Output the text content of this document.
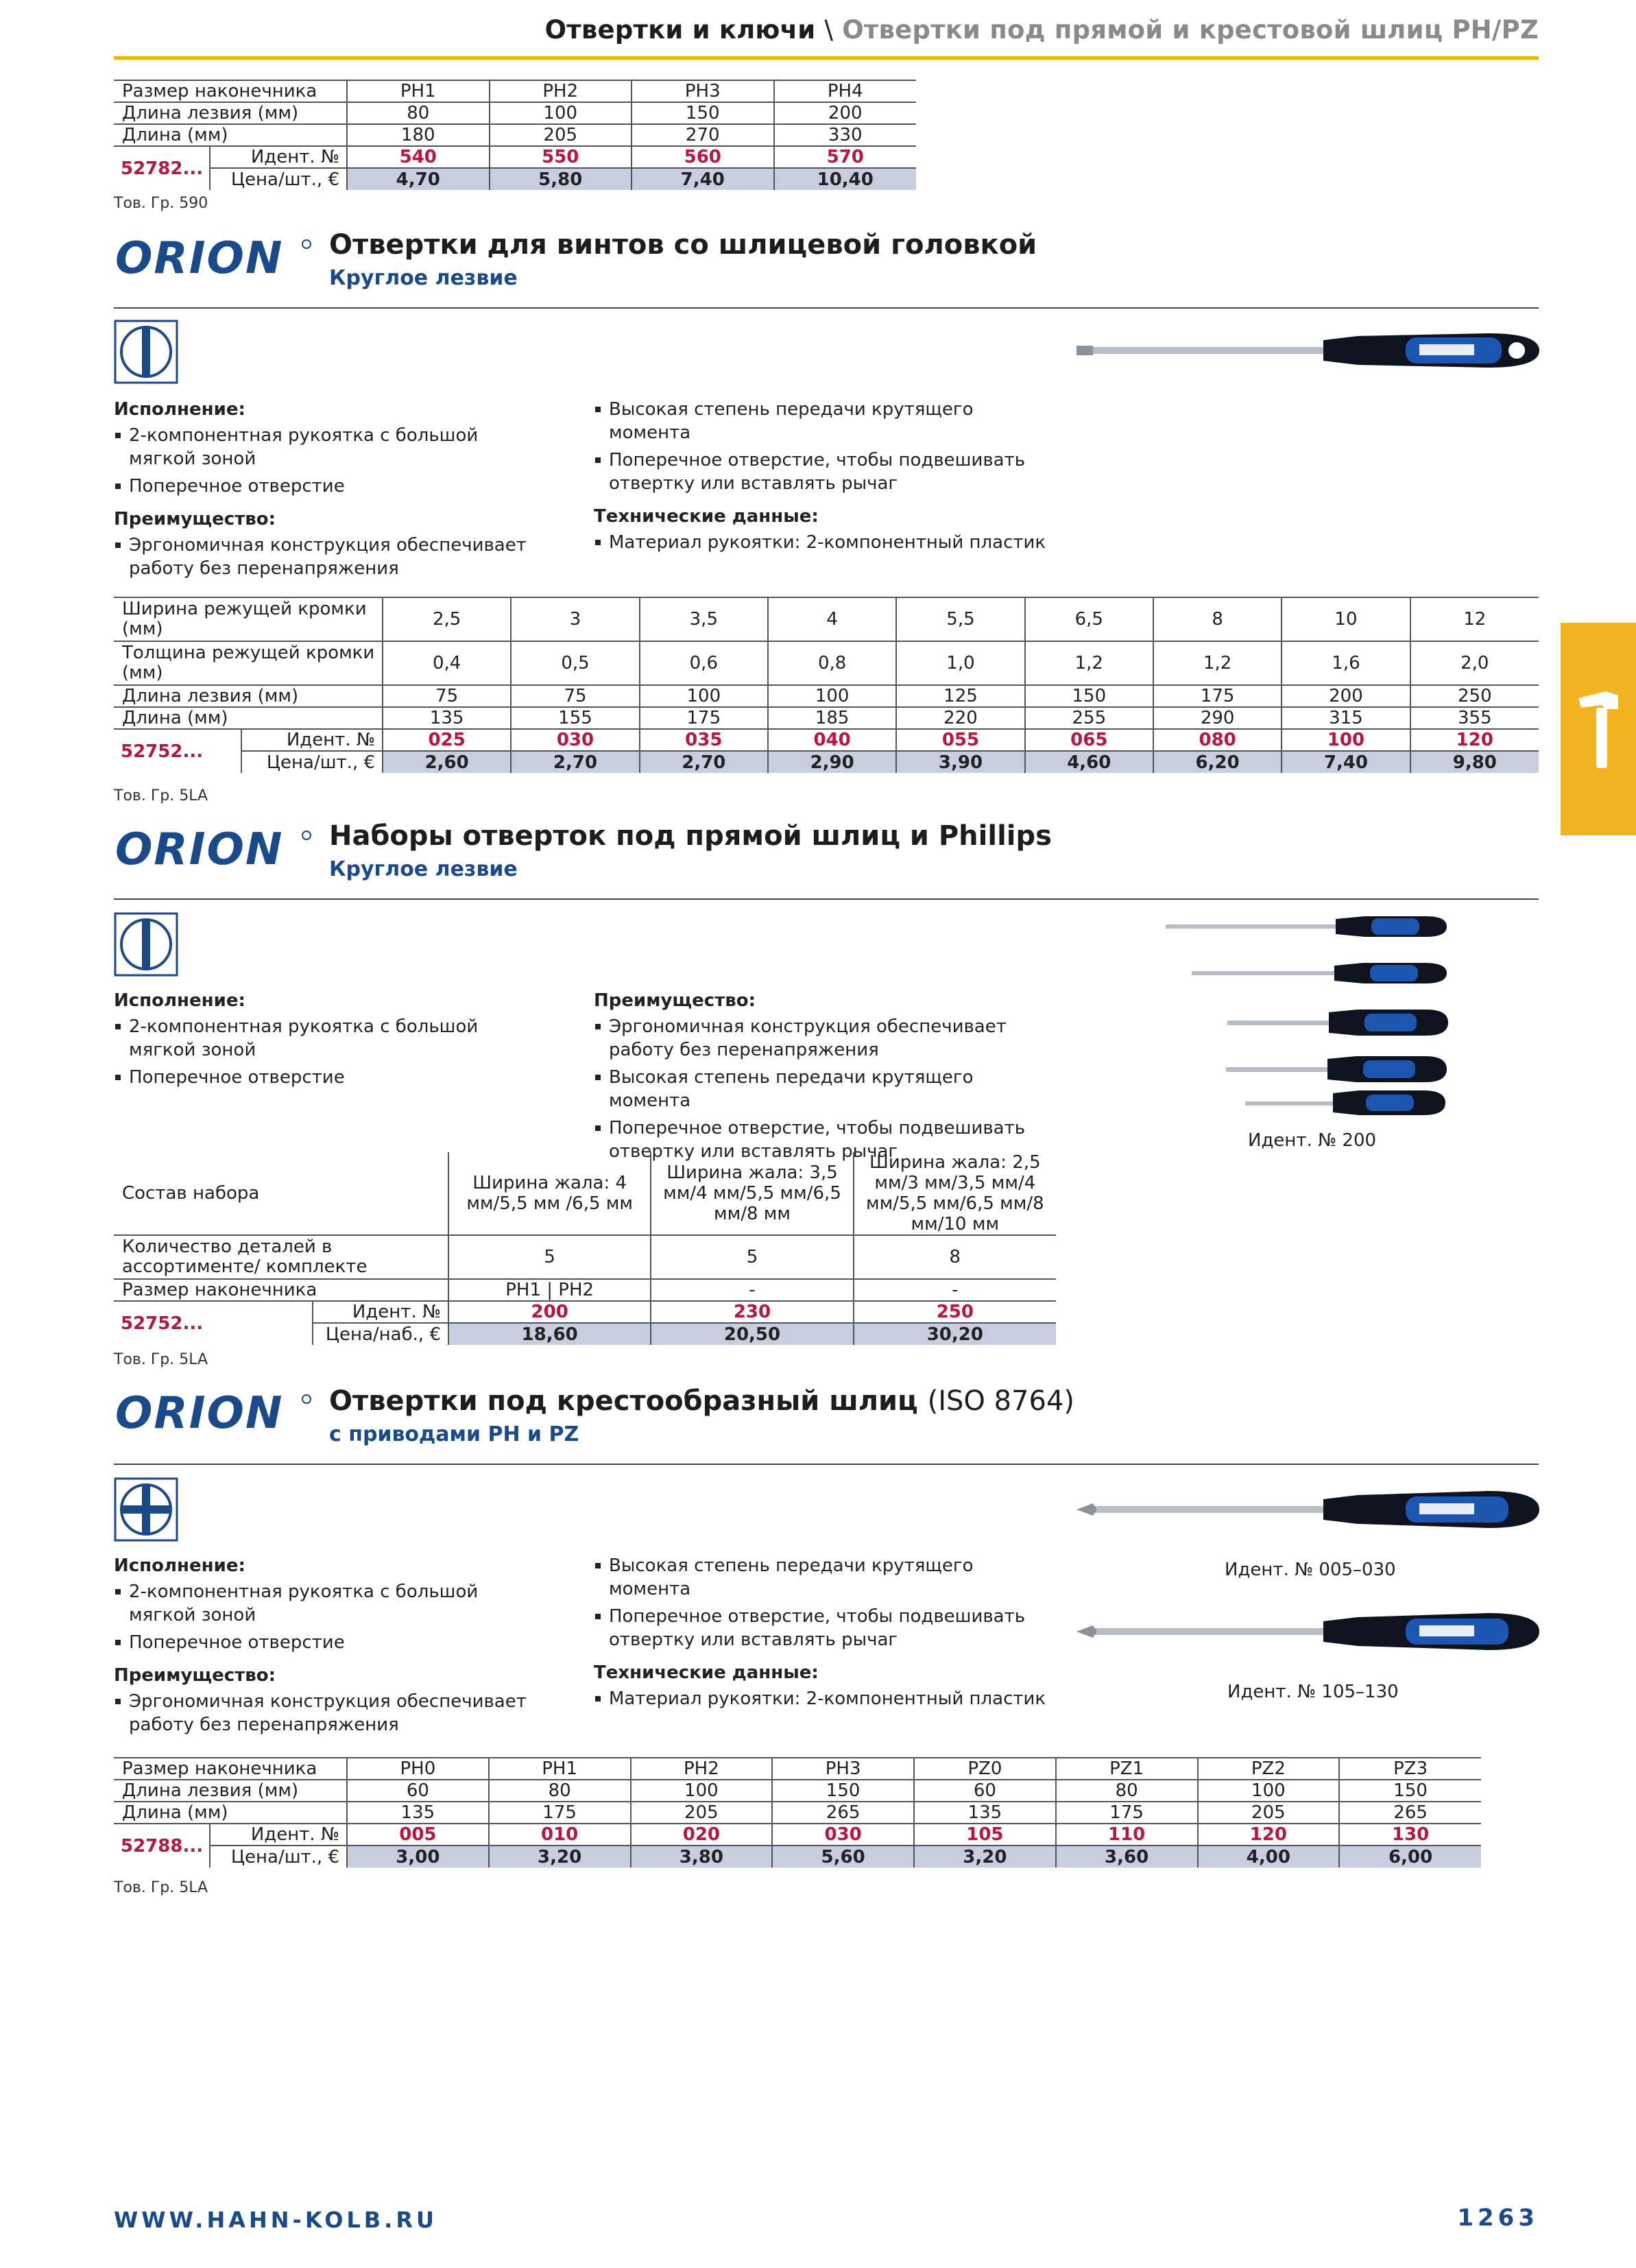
Отвертки и ключи \ Отвертки под прямой и крестовой шлиц PH/PZ
Размер наконечника		PH1	PH2	PH3	PH4
Длина лезвия (мм)		80	100	150	200
Длина (мм)		180	205	270	330
52782...	Идент. №	540	550	560	570
	Цена/шт., €	4,70	5,80	7,40	10,40
Тов. Гр. 590
ORION Отвертки для винтов со шлицевой головкой
Круглое лезвие
Исполнение:
2-компонентная рукоятка с большой мягкой зоной
Поперечное отверстие
Преимущество:
Эргономичная конструкция обеспечивает работу без перенапряжения
Высокая степень передачи крутящего момента
Поперечное отверстие, чтобы подвешивать отвертку или вставлять рычаг
Технические данные:
Материал рукоятки: 2-компонентный пластик
Ширина режущей кромки (мм)		2,5	3	3,5	4	5,5	6,5	8	10	12
Толщина режущей кромки (мм)		0,4	0,5	0,6	0,8	1,0	1,2	1,2	1,6	2,0
Длина лезвия (мм)		75	75	100	100	125	150	175	200	250
Длина (мм)		135	155	175	185	220	255	290	315	355
52752...	Идент. №	025	030	035	040	055	065	080	100	120
	Цена/шт., €	2,60	2,70	2,70	2,90	3,90	4,60	6,20	7,40	9,80
Тов. Гр. 5LA
ORION Наборы отверток под прямой шлиц и Phillips
Круглое лезвие
Идент. № 200
Исполнение:
2-компонентная рукоятка с большой мягкой зоной
Поперечное отверстие
Преимущество:
Эргономичная конструкция обеспечивает работу без перенапряжения
Высокая степень передачи крутящего момента
Поперечное отверстие, чтобы подвешивать отвертку или вставлять рычаг
Состав набора		Ширина жала: 4 мм/5,5 мм /6,5 мм	Ширина жала: 3,5 мм/4 мм/5,5 мм/6,5 мм/8 мм	Ширина жала: 2,5 мм/3 мм/3,5 мм/4 мм/5,5 мм/6,5 мм/8 мм/10 мм
Количество деталей в ассортименте/ комплекте		5	5	8
Размер наконечника		PH1 | PH2	-	-
52752...	Идент. №	200	230	250
	Цена/наб., €	18,60	20,50	30,20
Тов. Гр. 5LA
ORION Отвертки под крестообразный шлиц (ISO 8764)
с приводами PH и PZ
Идент. № 005–030
Идент. № 105–130
Исполнение:
2-компонентная рукоятка с большой мягкой зоной
Поперечное отверстие
Преимущество:
Эргономичная конструкция обеспечивает работу без перенапряжения
Высокая степень передачи крутящего момента
Поперечное отверстие, чтобы подвешивать отвертку или вставлять рычаг
Технические данные:
Материал рукоятки: 2-компонентный пластик
Размер наконечника		PH0	PH1	PH2	PH3	PZ0	PZ1	PZ2	PZ3
Длина лезвия (мм)		60	80	100	150	60	80	100	150
Длина (мм)		135	175	205	265	135	175	205	265
52788...	Идент. №	005	010	020	030	105	110	120	130
	Цена/шт., €	3,00	3,20	3,80	5,60	3,20	3,60	4,00	6,00
Тов. Гр. 5LA
WWW.HAHN-KOLB.RU	1263
